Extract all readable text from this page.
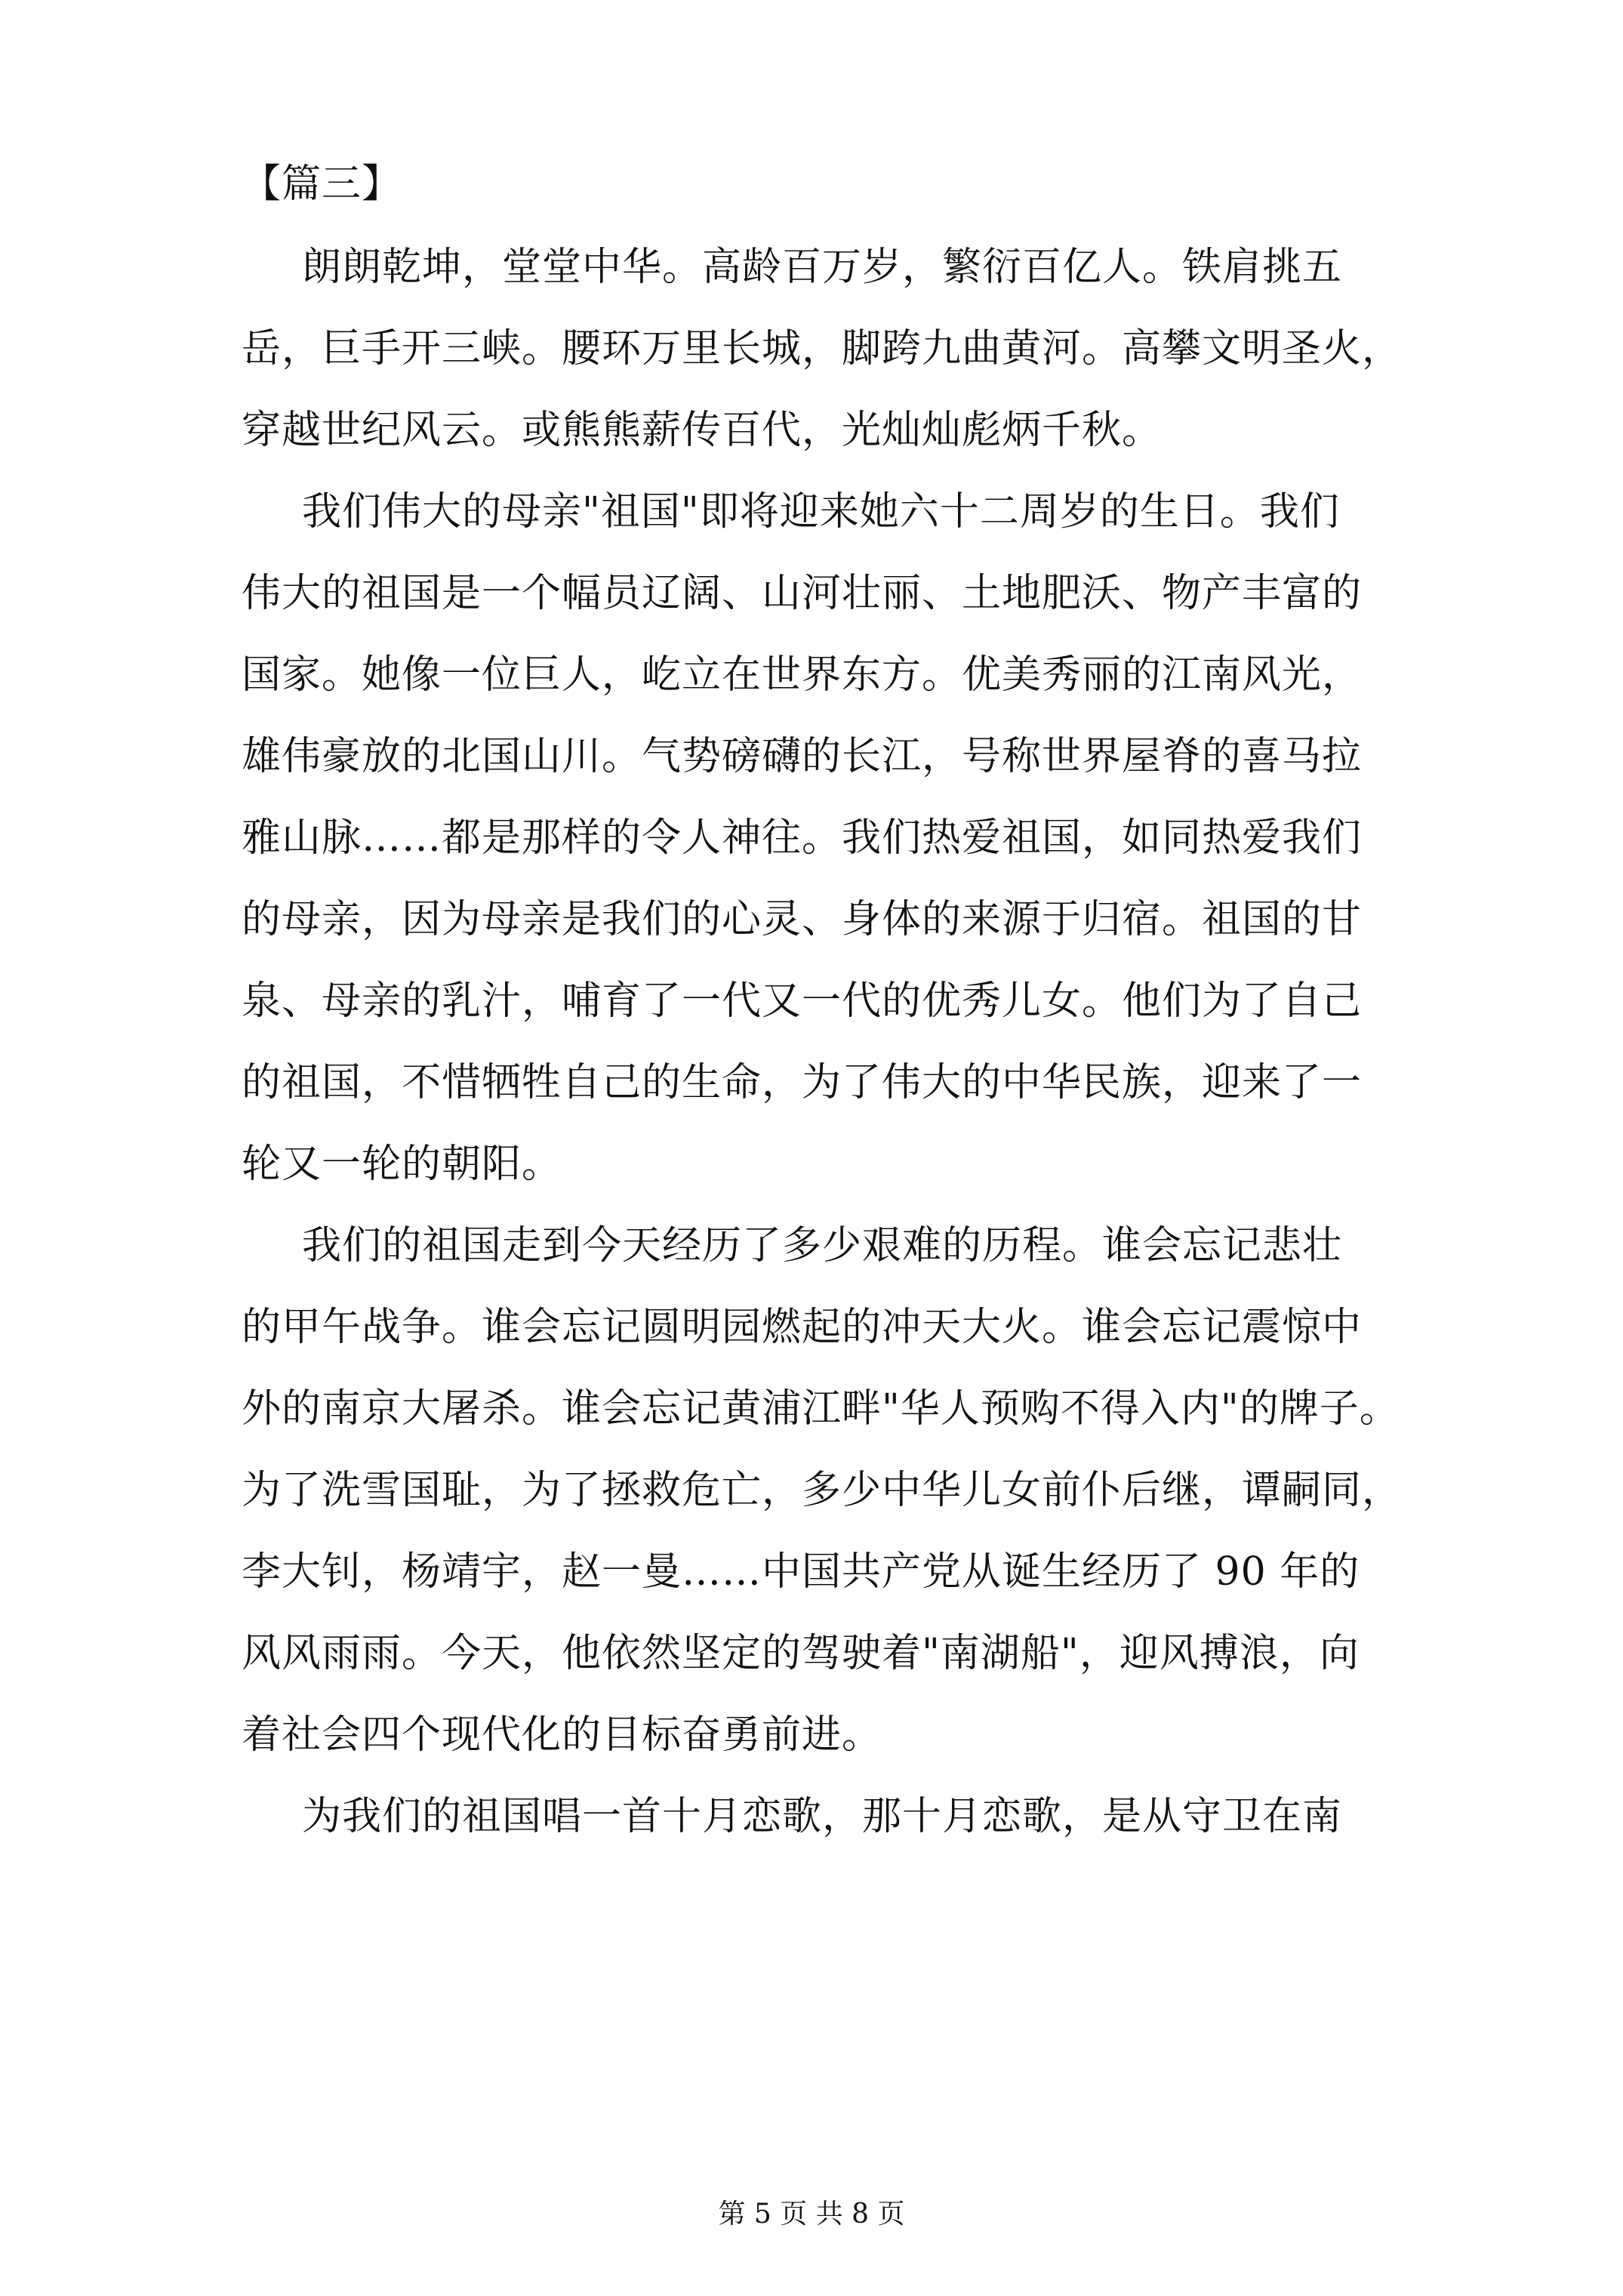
【篇三】
朗朗乾坤，堂堂中华。高龄百万岁，繁衍百亿人。铁肩挑五
岳，巨手开三峡。腰环万里长城，脚跨九曲黄河。高攀文明圣火，
穿越世纪风云。或熊熊薪传百代，光灿灿彪炳千秋。
我们伟大的母亲"祖国"即将迎来她六十二周岁的生日。我们
伟大的祖国是一个幅员辽阔、山河壮丽、土地肥沃、物产丰富的
国家。她像一位巨人，屹立在世界东方。优美秀丽的江南风光，
雄伟豪放的北国山川。气势磅礴的长江，号称世界屋脊的喜马拉
雅山脉……都是那样的令人神往。我们热爱祖国，如同热爱我们
的母亲，因为母亲是我们的心灵、身体的来源于归宿。祖国的甘
泉、母亲的乳汁，哺育了一代又一代的优秀儿女。他们为了自己
的祖国，不惜牺牲自己的生命，为了伟大的中华民族，迎来了一
轮又一轮的朝阳。
我们的祖国走到今天经历了多少艰难的历程。谁会忘记悲壮
的甲午战争。谁会忘记圆明园燃起的冲天大火。谁会忘记震惊中
外的南京大屠杀。谁会忘记黄浦江畔"华人预购不得入内"的牌子。
为了洗雪国耻，为了拯救危亡，多少中华儿女前仆后继，谭嗣同，
李大钊，杨靖宇，赵一曼……中国共产党从诞生经历了 90 年的
风风雨雨。今天，他依然坚定的驾驶着"南湖船"，迎风搏浪，向
着社会四个现代化的目标奋勇前进。
为我们的祖国唱一首十月恋歌，那十月恋歌，是从守卫在南
第 5 页 共 8 页
